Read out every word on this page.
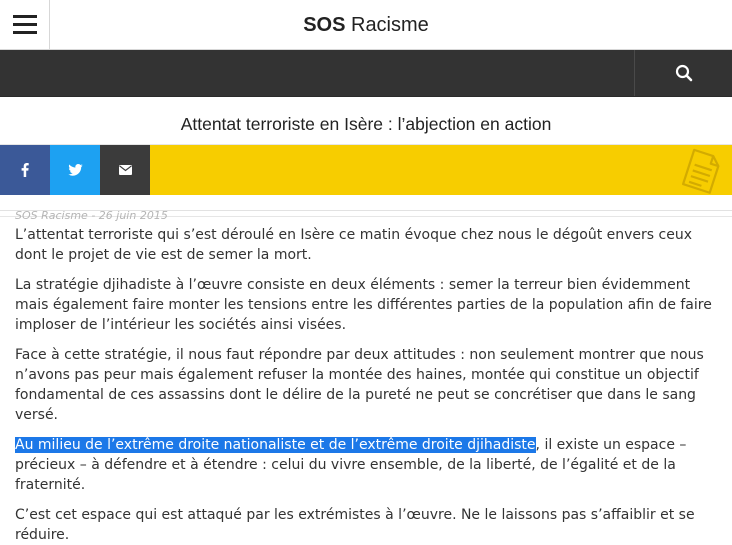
SOS Racisme
Attentat terroriste en Isère : l’abjection en action
SOS Racisme - 26 juin 2015

L’attentat terroriste qui s’est déroulé en Isère ce matin évoque chez nous le dégoût envers ceux dont le projet de vie est de semer la mort.

La stratégie djihadiste à l’œuvre consiste en deux éléments : semer la terreur bien évidemment mais également faire monter les tensions entre les différentes parties de la population afin de faire imploser de l’intérieur les sociétés ainsi visées.

Face à cette stratégie, il nous faut répondre par deux attitudes : non seulement montrer que nous n’avons pas peur mais également refuser la montée des haines, montée qui constitue un objectif fondamental de ces assassins dont le délire de la pureté ne peut se concrétiser que dans le sang versé.

Au milieu de l’extrême droite nationaliste et de l’extrême droite djihadiste, il existe un espace – précieux – à défendre et à étendre : celui du vivre ensemble, de la liberté, de l’égalité et de la fraternité.

C’est cet espace qui est attaqué par les extrémistes à l’œuvre. Ne le laissons pas s’affaiblir et se réduire.
